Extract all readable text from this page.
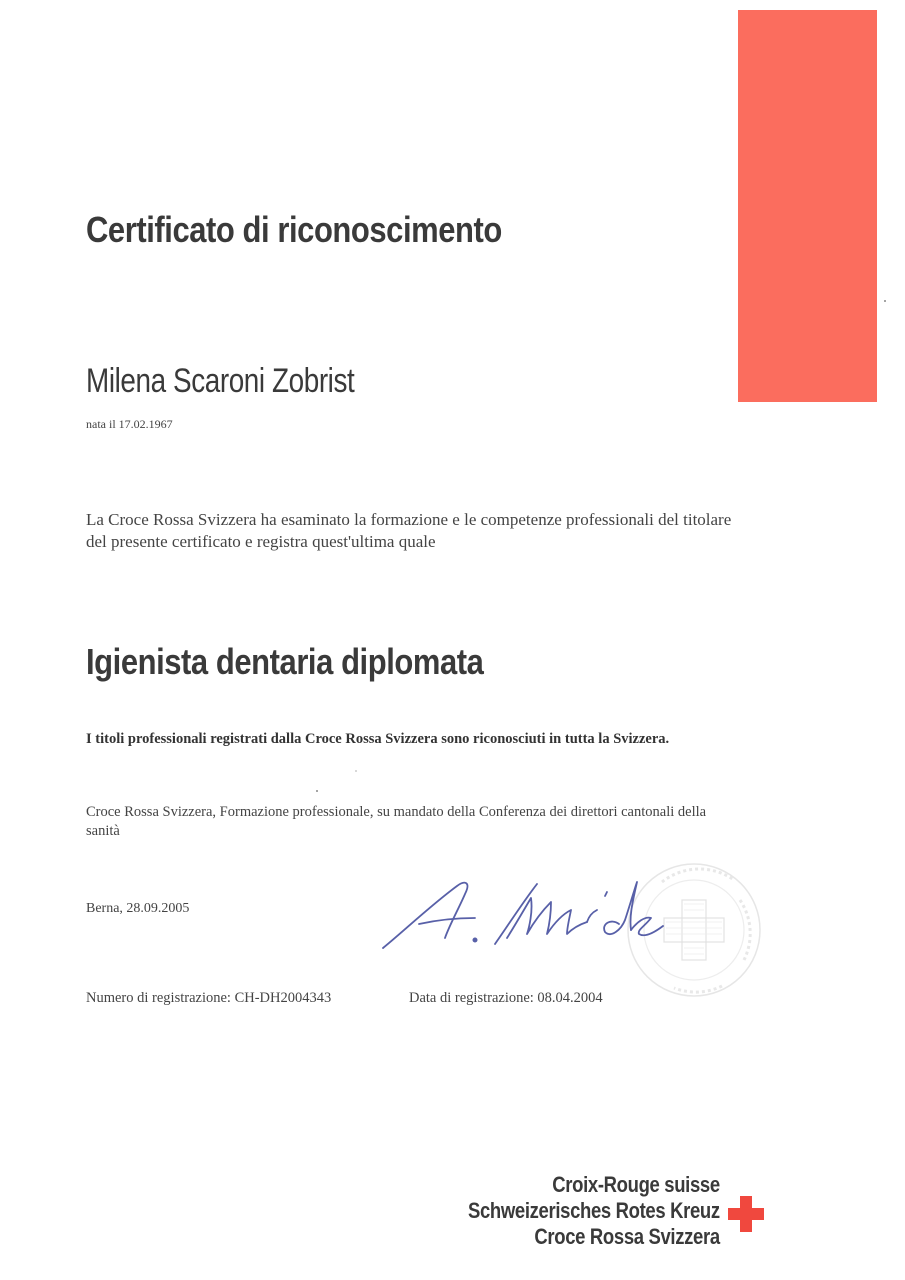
Certificato di riconoscimento
Milena Scaroni Zobrist
nata il 17.02.1967
La Croce Rossa Svizzera ha esaminato la formazione e le competenze professionali del titolare del presente certificato e registra quest'ultima quale
Igienista dentaria diplomata
I titoli professionali registrati dalla Croce Rossa Svizzera sono riconosciuti in tutta la Svizzera.
Croce Rossa Svizzera, Formazione professionale, su mandato della Conferenza dei direttori cantonali della sanità
Berna, 28.09.2005
Numero di registrazione: CH-DH2004343	Data di registrazione: 08.04.2004
Croix-Rouge suisse
Schweizerisches Rotes Kreuz
Croce Rossa Svizzera
